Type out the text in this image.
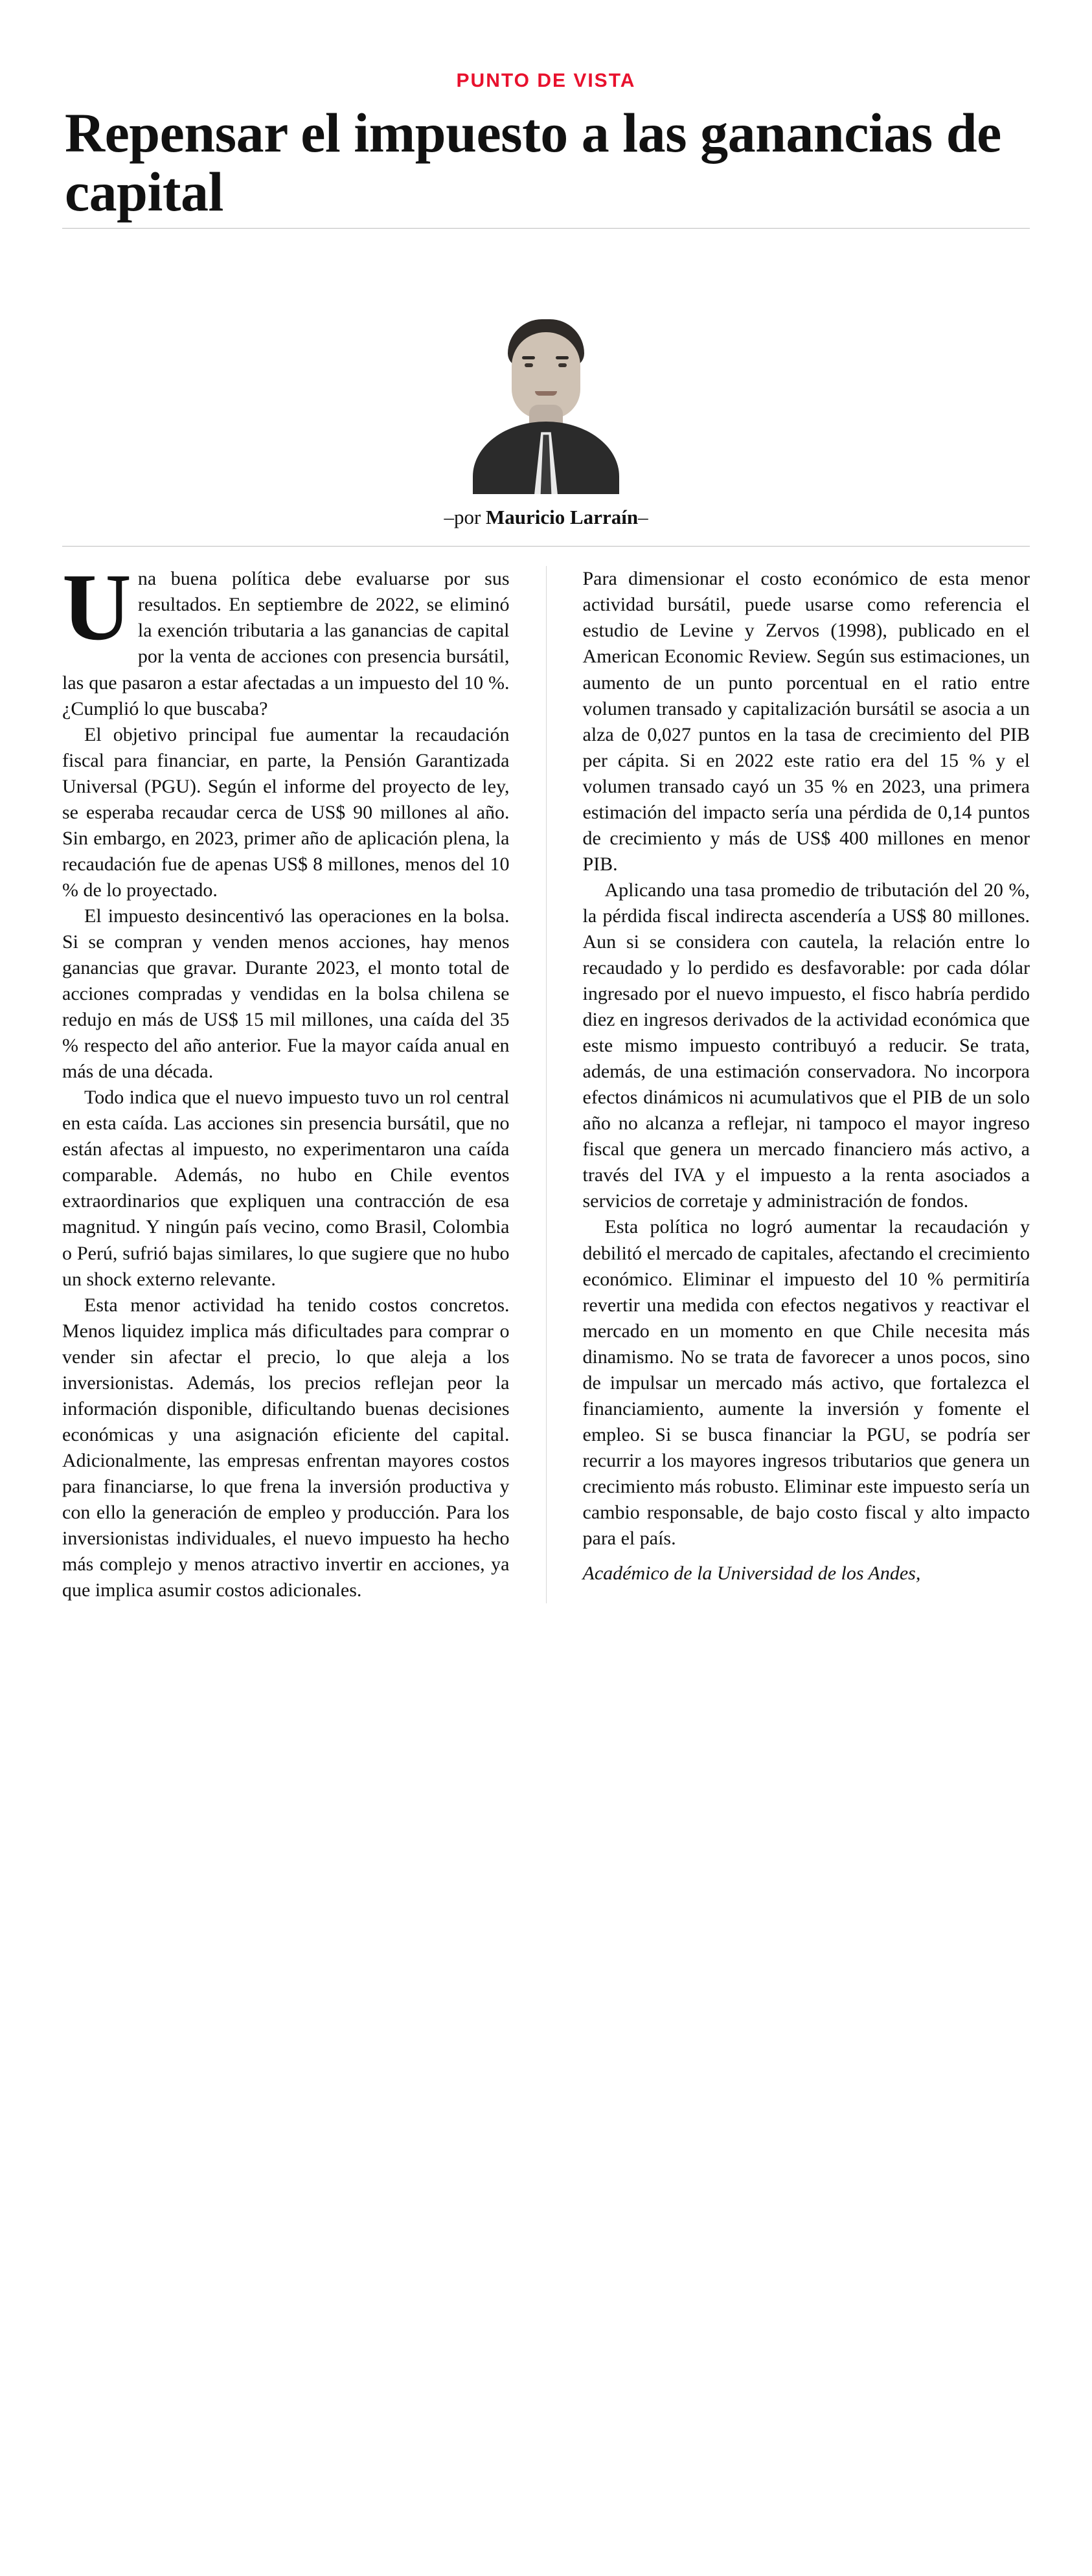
PUNTO DE VISTA
Repensar el impuesto a las ganancias de capital
–por Mauricio Larraín–

Una buena política debe evaluarse por sus resultados. En septiembre de 2022, se eliminó la exención tributaria a las ganancias de capital por la venta de acciones con presencia bursátil, las que pasaron a estar afectadas a un impuesto del 10 %. ¿Cumplió lo que buscaba?

El objetivo principal fue aumentar la recaudación fiscal para financiar, en parte, la Pensión Garantizada Universal (PGU). Según el informe del proyecto de ley, se esperaba recaudar cerca de US$ 90 millones al año. Sin embargo, en 2023, primer año de aplicación plena, la recaudación fue de apenas US$ 8 millones, menos del 10 % de lo proyectado.

El impuesto desincentivó las operaciones en la bolsa. Si se compran y venden menos acciones, hay menos ganancias que gravar. Durante 2023, el monto total de acciones compradas y vendidas en la bolsa chilena se redujo en más de US$ 15 mil millones, una caída del 35 % respecto del año anterior. Fue la mayor caída anual en más de una década.

Todo indica que el nuevo impuesto tuvo un rol central en esta caída. Las acciones sin presencia bursátil, que no están afectas al impuesto, no experimentaron una caída comparable. Además, no hubo en Chile eventos extraordinarios que expliquen una contracción de esa magnitud. Y ningún país vecino, como Brasil, Colombia o Perú, sufrió bajas similares, lo que sugiere que no hubo un shock externo relevante.

Esta menor actividad ha tenido costos concretos. Menos liquidez implica más dificultades para comprar o vender sin afectar el precio, lo que aleja a los inversionistas. Además, los precios reflejan peor la información disponible, dificultando buenas decisiones económicas y una asignación eficiente del capital. Adicionalmente, las empresas enfrentan mayores costos para financiarse, lo que frena la inversión productiva y con ello la generación de empleo y producción. Para los inversionistas individuales, el nuevo impuesto ha hecho más complejo y menos atractivo invertir en acciones, ya que implica asumir costos adicionales.

Para dimensionar el costo económico de esta menor actividad bursátil, puede usarse como referencia el estudio de Levine y Zervos (1998), publicado en el American Economic Review. Según sus estimaciones, un aumento de un punto porcentual en el ratio entre volumen transado y capitalización bursátil se asocia a un alza de 0,027 puntos en la tasa de crecimiento del PIB per cápita. Si en 2022 este ratio era del 15 % y el volumen transado cayó un 35 % en 2023, una primera estimación del impacto sería una pérdida de 0,14 puntos de crecimiento y más de US$ 400 millones en menor PIB.

Aplicando una tasa promedio de tributación del 20 %, la pérdida fiscal indirecta ascendería a US$ 80 millones. Aun si se considera con cautela, la relación entre lo recaudado y lo perdido es desfavorable: por cada dólar ingresado por el nuevo impuesto, el fisco habría perdido diez en ingresos derivados de la actividad económica que este mismo impuesto contribuyó a reducir. Se trata, además, de una estimación conservadora. No incorpora efectos dinámicos ni acumulativos que el PIB de un solo año no alcanza a reflejar, ni tampoco el mayor ingreso fiscal que genera un mercado financiero más activo, a través del IVA y el impuesto a la renta asociados a servicios de corretaje y administración de fondos.

Esta política no logró aumentar la recaudación y debilitó el mercado de capitales, afectando el crecimiento económico. Eliminar el impuesto del 10 % permitiría revertir una medida con efectos negativos y reactivar el mercado en un momento en que Chile necesita más dinamismo. No se trata de favorecer a unos pocos, sino de impulsar un mercado más activo, que fortalezca el financiamiento, aumente la inversión y fomente el empleo. Si se busca financiar la PGU, se podría ser recurrir a los mayores ingresos tributarios que genera un crecimiento más robusto. Eliminar este impuesto sería un cambio responsable, de bajo costo fiscal y alto impacto para el país.

Académico de la Universidad de los Andes,
